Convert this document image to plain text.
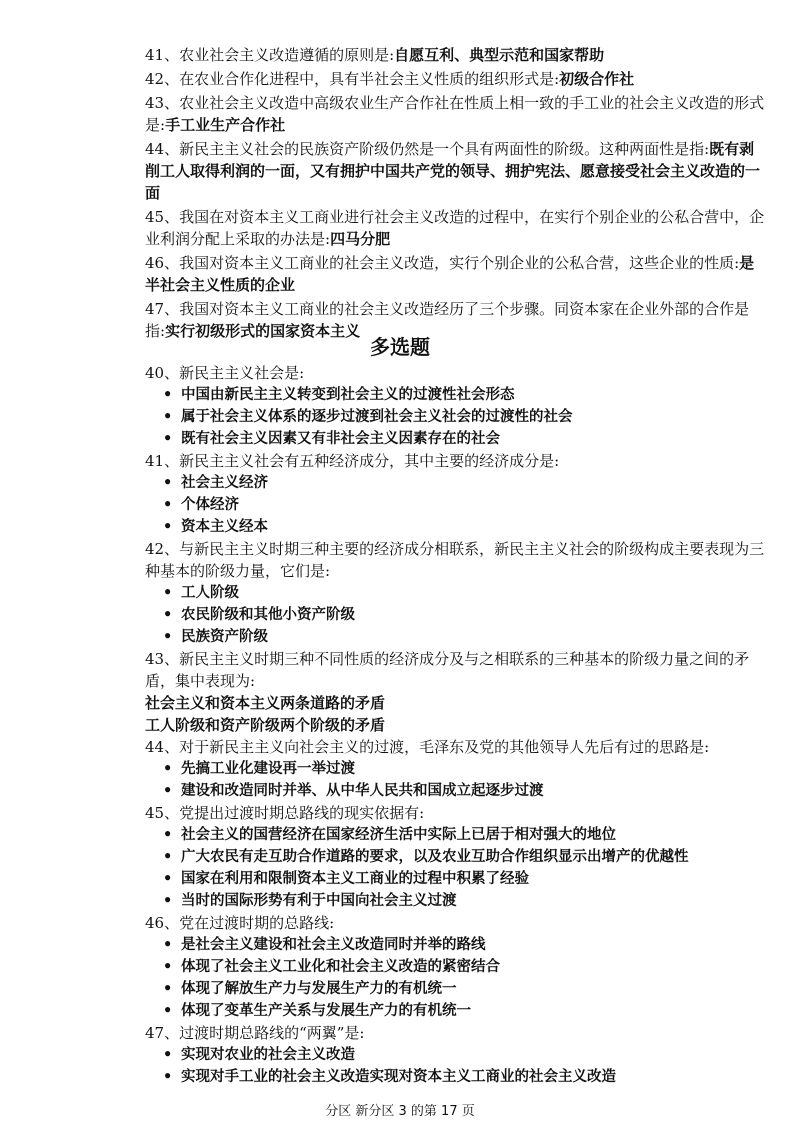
41、农业社会主义改造遵循的原则是:自愿互利、典型示范和国家帮助
42、在农业合作化进程中，具有半社会主义性质的组织形式是:初级合作社
43、农业社会主义改造中高级农业生产合作社在性质上相一致的手工业的社会主义改造的形式
是:手工业生产合作社
44、新民主主义社会的民族资产阶级仍然是一个具有两面性的阶级。这种两面性是指:既有剥
削工人取得利润的一面，又有拥护中国共产党的领导、拥护宪法、愿意接受社会主义改造的一
面
45、我国在对资本主义工商业进行社会主义改造的过程中，在实行个别企业的公私合营中，企
业利润分配上采取的办法是:四马分肥
46、我国对资本主义工商业的社会主义改造，实行个别企业的公私合营，这些企业的性质:是
半社会主义性质的企业
47、我国对资本主义工商业的社会主义改造经历了三个步骤。同资本家在企业外部的合作是
指:实行初级形式的国家资本主义
多选题
40、新民主主义社会是:
• 中国由新民主主义转变到社会主义的过渡性社会形态
• 属于社会主义体系的逐步过渡到社会主义社会的过渡性的社会
• 既有社会主义因素又有非社会主义因素存在的社会
41、新民主主义社会有五种经济成分，其中主要的经济成分是:
• 社会主义经济
• 个体经济
• 资本主义经本
42、与新民主主义时期三种主要的经济成分相联系，新民主主义社会的阶级构成主要表现为三
种基本的阶级力量，它们是:
• 工人阶级
• 农民阶级和其他小资产阶级
• 民族资产阶级
43、新民主主义时期三种不同性质的经济成分及与之相联系的三种基本的阶级力量之间的矛
盾，集中表现为:
社会主义和资本主义两条道路的矛盾
工人阶级和资产阶级两个阶级的矛盾
44、对于新民主主义向社会主义的过渡，毛泽东及党的其他领导人先后有过的思路是:
• 先搞工业化建设再一举过渡
• 建设和改造同时并举、从中华人民共和国成立起逐步过渡
45、党提出过渡时期总路线的现实依据有:
• 社会主义的国营经济在国家经济生活中实际上已居于相对强大的地位
• 广大农民有走互助合作道路的要求，以及农业互助合作组织显示出增产的优越性
• 国家在利用和限制资本主义工商业的过程中积累了经验
• 当时的国际形势有利于中国向社会主义过渡
46、党在过渡时期的总路线:
• 是社会主义建设和社会主义改造同时并举的路线
• 体现了社会主义工业化和社会主义改造的紧密结合
• 体现了解放生产力与发展生产力的有机统一
• 体现了变革生产关系与发展生产力的有机统一
47、过渡时期总路线的“两翼”是:
• 实现对农业的社会主义改造
• 实现对手工业的社会主义改造实现对资本主义工商业的社会主义改造
分区 新分区 3 的第 17 页
